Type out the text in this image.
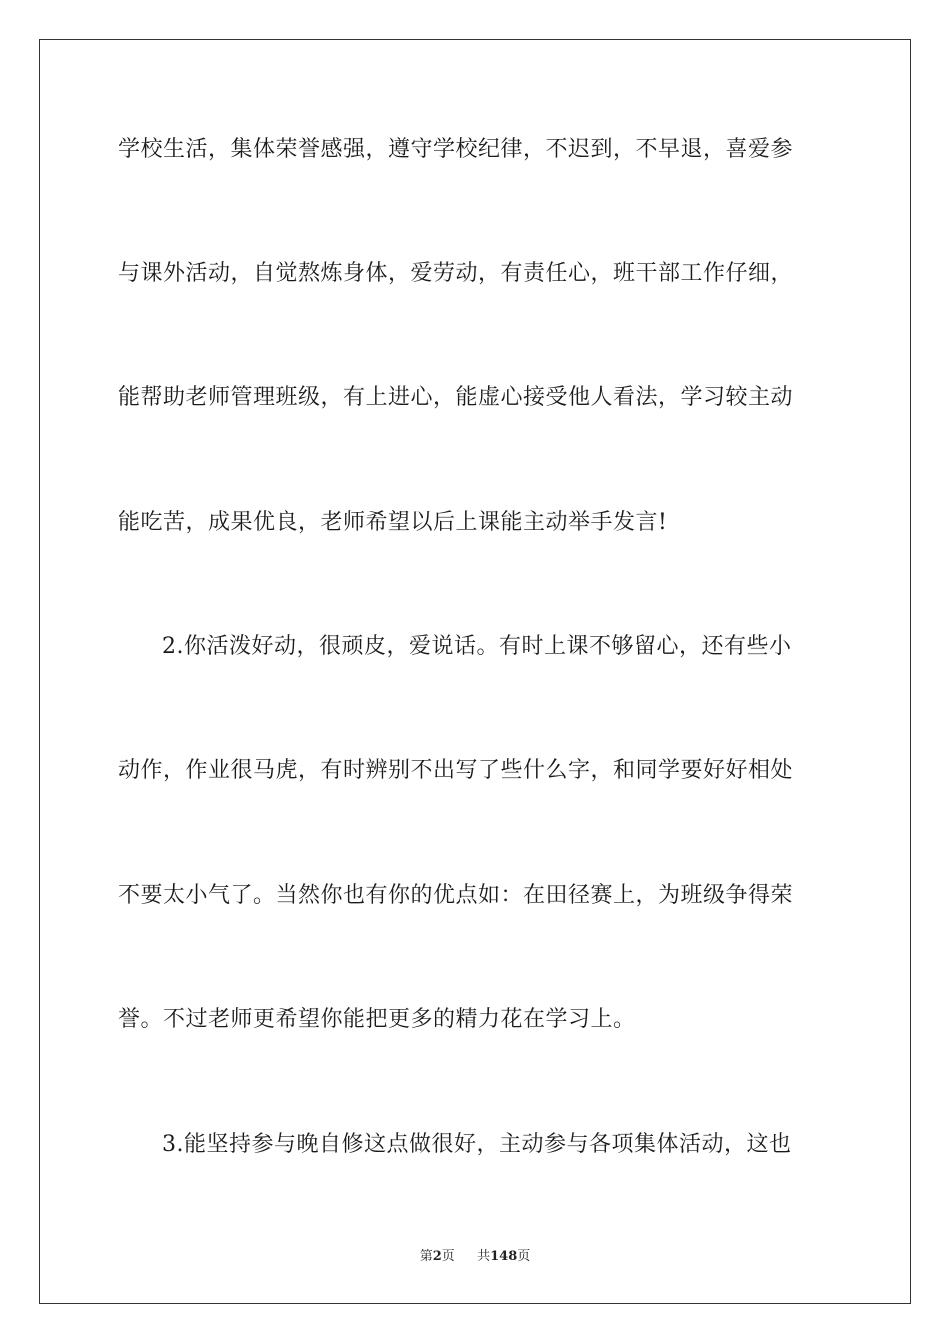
学校生活，集体荣誉感强，遵守学校纪律，不迟到，不早退，喜爱参
与课外活动，自觉熬炼身体，爱劳动，有责任心，班干部工作仔细，
能帮助老师管理班级，有上进心，能虚心接受他人看法，学习较主动
能吃苦，成果优良，老师希望以后上课能主动举手发言!
2.你活泼好动，很顽皮，爱说话。有时上课不够留心，还有些小
动作，作业很马虎，有时辨别不出写了些什么字，和同学要好好相处
不要太小气了。当然你也有你的优点如：在田径赛上，为班级争得荣
誉。不过老师更希望你能把更多的精力花在学习上。
3.能坚持参与晚自修这点做很好，主动参与各项集体活动，这也
第2页 共148页
